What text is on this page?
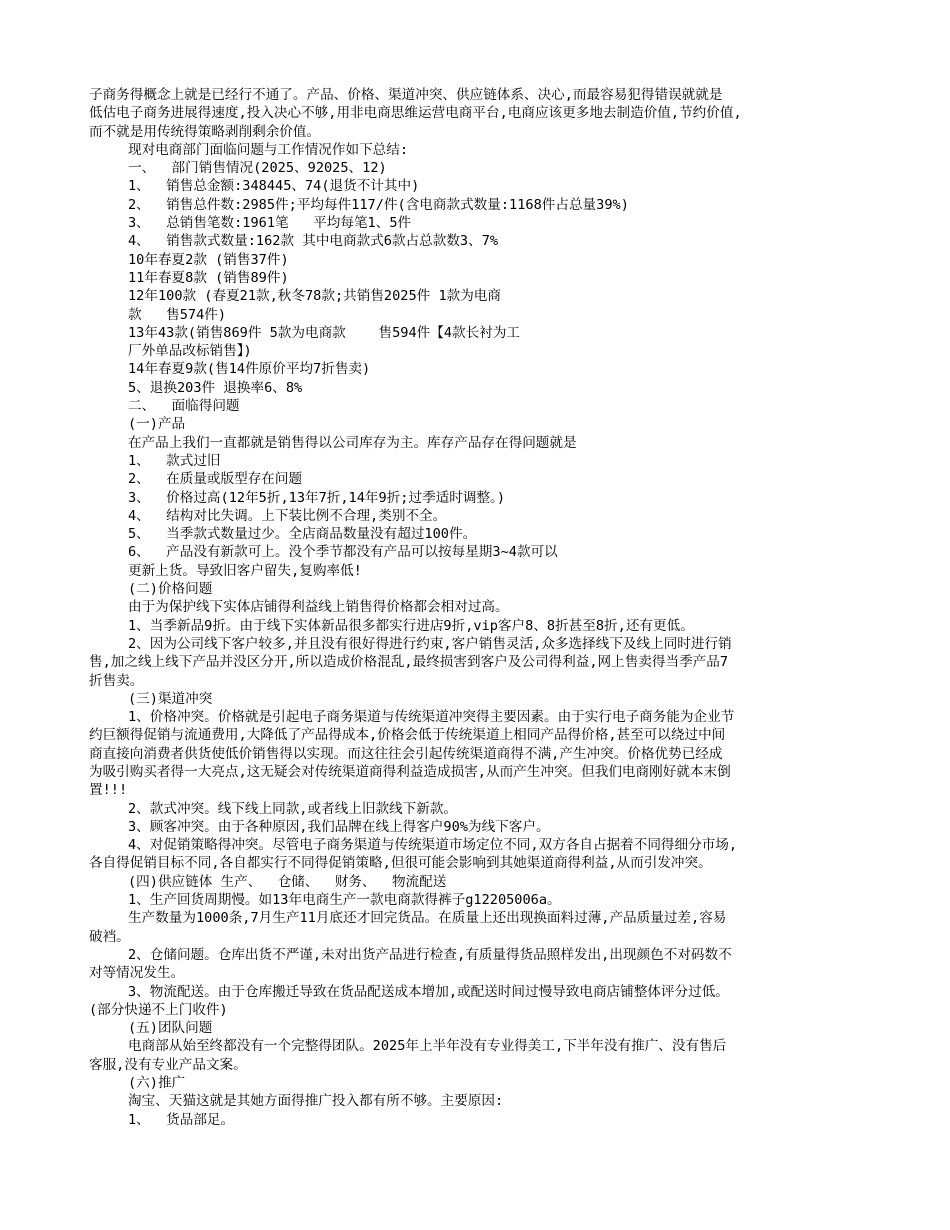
子商务得概念上就是已经行不通了。产品、价格、渠道冲突、供应链体系、决心,而最容易犯得错误就就是
低估电子商务进展得速度,投入决心不够,用非电商思维运营电商平台,电商应该更多地去制造价值,节约价值,
而不就是用传统得策略剥削剩余价值。
现对电商部门面临问题与工作情况作如下总结:
一、  部门销售情况(2025、92025、12)
1、  销售总金额:348445、74(退货不计其中)
2、  销售总件数:2985件;平均每件117/件(含电商款式数量:1168件占总量39%)
3、  总销售笔数:1961笔   平均每笔1、5件
4、  销售款式数量:162款 其中电商款式6款占总款数3、7%
10年春夏2款 (销售37件)
11年春夏8款 (销售89件)
12年100款 (春夏21款,秋冬78款;共销售2025件 1款为电商
款   售574件)
13年43款(销售869件 5款为电商款    售594件【4款长衬为工
厂外单品改标销售】)
14年春夏9款(售14件原价平均7折售卖)
5、退换203件 退换率6、8%
二、  面临得问题
(一)产品
在产品上我们一直都就是销售得以公司库存为主。库存产品存在得问题就是
1、  款式过旧
2、  在质量或版型存在问题
3、  价格过高(12年5折,13年7折,14年9折;过季适时调整。)
4、  结构对比失调。上下装比例不合理,类别不全。
5、  当季款式数量过少。全店商品数量没有超过100件。
6、  产品没有新款可上。没个季节都没有产品可以按每星期3~4款可以
更新上货。导致旧客户留失,复购率低!
(二)价格问题
由于为保护线下实体店铺得利益线上销售得价格都会相对过高。
1、当季新品9折。由于线下实体新品很多都实行进店9折,vip客户8、8折甚至8折,还有更低。
2、因为公司线下客户较多,并且没有很好得进行约束,客户销售灵活,众多选择线下及线上同时进行销
售,加之线上线下产品并没区分开,所以造成价格混乱,最终损害到客户及公司得利益,网上售卖得当季产品7
折售卖。
(三)渠道冲突
1、价格冲突。价格就是引起电子商务渠道与传统渠道冲突得主要因素。由于实行电子商务能为企业节
约巨额得促销与流通费用,大降低了产品得成本,价格会低于传统渠道上相同产品得价格,甚至可以绕过中间
商直接向消费者供货使低价销售得以实现。而这往往会引起传统渠道商得不满,产生冲突。价格优势已经成
为吸引购买者得一大亮点,这无疑会对传统渠道商得利益造成损害,从而产生冲突。但我们电商刚好就本末倒
置!!!
2、款式冲突。线下线上同款,或者线上旧款线下新款。
3、顾客冲突。由于各种原因,我们品牌在线上得客户90%为线下客户。
4、对促销策略得冲突。尽管电子商务渠道与传统渠道市场定位不同,双方各自占据着不同得细分市场,
各自得促销目标不同,各自都实行不同得促销策略,但很可能会影响到其她渠道商得利益,从而引发冲突。
(四)供应链体 生产、  仓储、  财务、  物流配送
1、生产回货周期慢。如13年电商生产一款电商款得裤子g12205006a。
生产数量为1000条,7月生产11月底还才回完货品。在质量上还出现换面料过薄,产品质量过差,容易
破裆。
2、仓储问题。仓库出货不严谨,未对出货产品进行检查,有质量得货品照样发出,出现颜色不对码数不
对等情况发生。
3、物流配送。由于仓库搬迁导致在货品配送成本增加,或配送时间过慢导致电商店铺整体评分过低。
(部分快递不上门收件)
(五)团队问题
电商部从始至终都没有一个完整得团队。2025年上半年没有专业得美工,下半年没有推广、没有售后
客服,没有专业产品文案。
(六)推广
淘宝、天猫这就是其她方面得推广投入都有所不够。主要原因:
1、  货品部足。
